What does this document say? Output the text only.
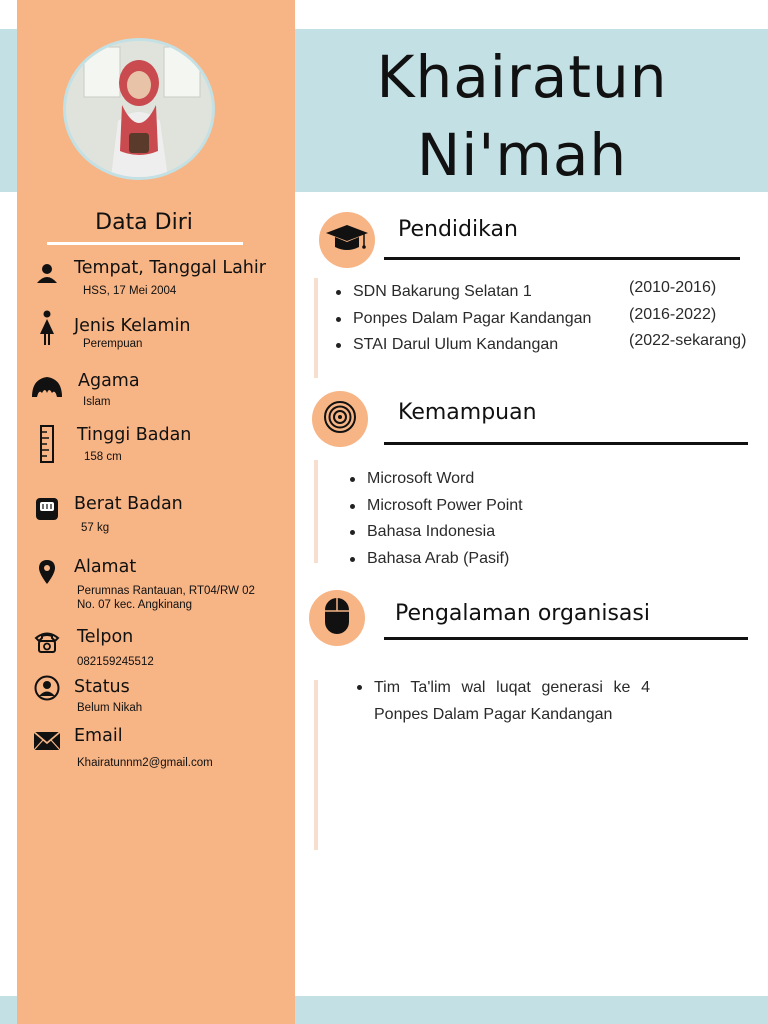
Khairatun
Ni'mah
Data Diri
Tempat, Tanggal Lahir
HSS, 17 Mei 2004
Jenis Kelamin
Perempuan
Agama
Islam
Tinggi Badan
158 cm
Berat Badan
57 kg
Alamat
Perumnas Rantauan, RT04/RW 02
No. 07 kec. Angkinang
Telpon
082159245512
Status
Belum Nikah
Email
Khairatunnm2@gmail.com
Pendidikan
SDN Bakarung Selatan 1
Ponpes Dalam Pagar Kandangan
STAI Darul Ulum Kandangan
(2010-2016)
(2016-2022)
(2022-sekarang)
Kemampuan
Microsoft Word
Microsoft Power Point
Bahasa Indonesia
Bahasa Arab (Pasif)
Pengalaman organisasi
Tim Ta'lim wal luqat generasi ke 4 Ponpes Dalam Pagar Kandangan
